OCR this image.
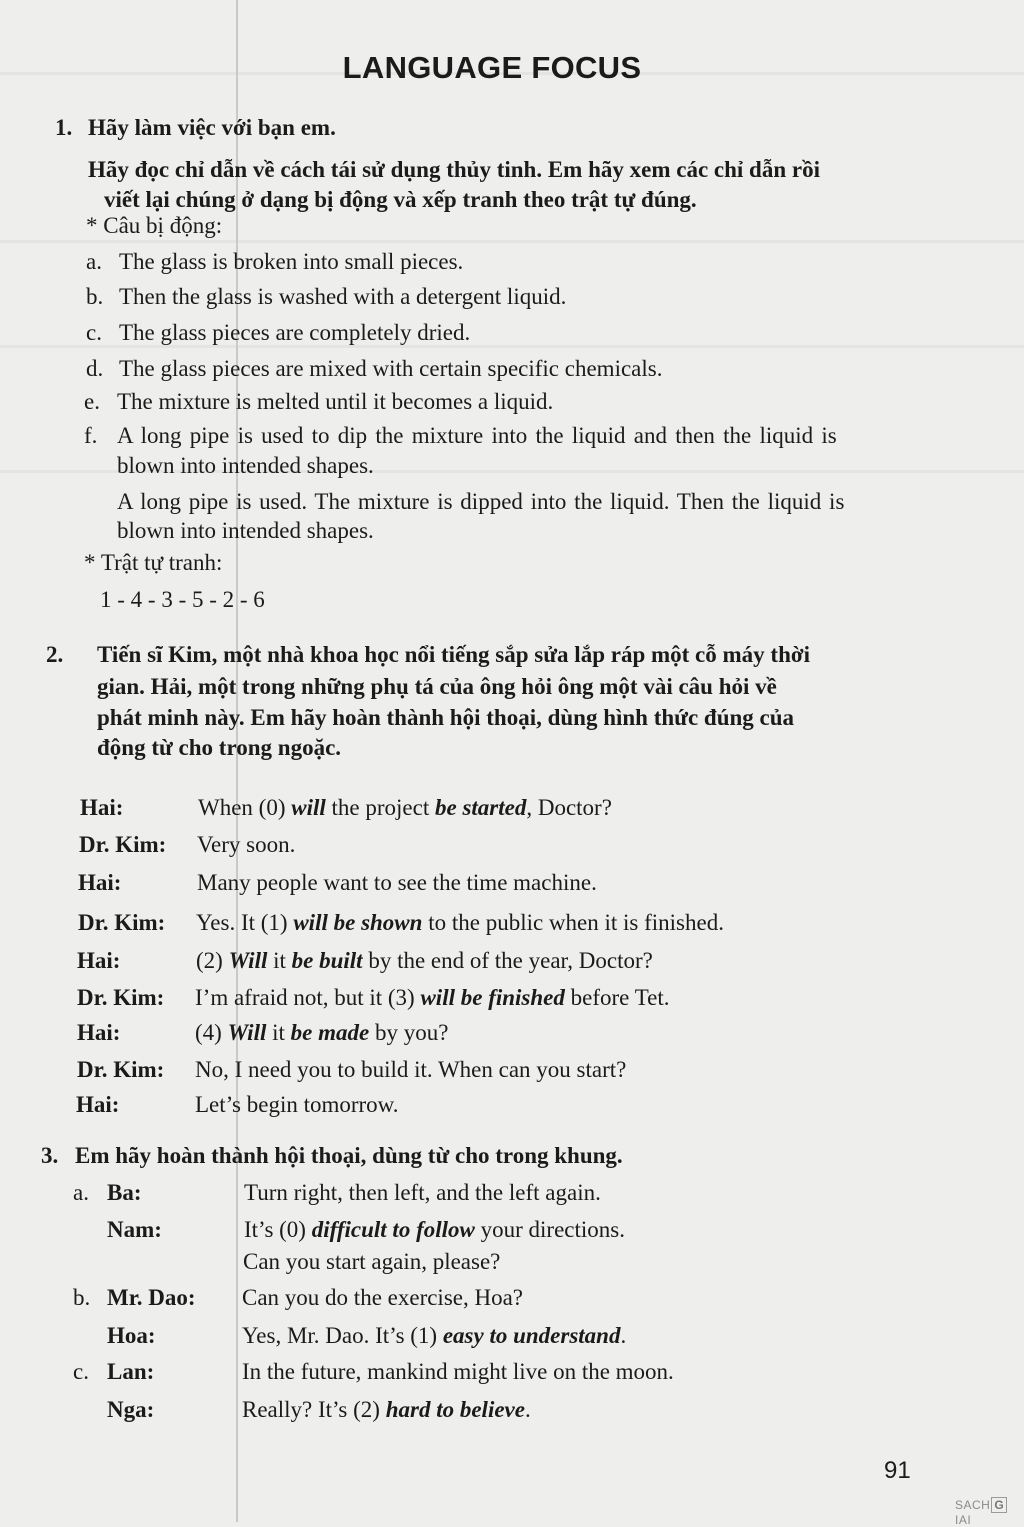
LANGUAGE FOCUS
1. Hãy làm việc với bạn em.
Hãy đọc chỉ dẫn về cách tái sử dụng thủy tinh. Em hãy xem các chỉ dẫn rồi
viết lại chúng ở dạng bị động và xếp tranh theo trật tự đúng.
* Câu bị động:
a. The glass is broken into small pieces.
b. Then the glass is washed with a detergent liquid.
c. The glass pieces are completely dried.
d. The glass pieces are mixed with certain specific chemicals.
e. The mixture is melted until it becomes a liquid.
f. A long pipe is used to dip the mixture into the liquid and then the liquid is
blown into intended shapes.
A long pipe is used. The mixture is dipped into the liquid. Then the liquid is
blown into intended shapes.
* Trật tự tranh:
1 - 4 - 3 - 5 - 2 - 6
2. Tiến sĩ Kim, một nhà khoa học nổi tiếng sắp sửa lắp ráp một cỗ máy thời
gian. Hải, một trong những phụ tá của ông hỏi ông một vài câu hỏi về
phát minh này. Em hãy hoàn thành hội thoại, dùng hình thức đúng của
động từ cho trong ngoặc.
Hai:	When (0) will the project be started, Doctor?
Dr. Kim: Very soon.
Hai:	Many people want to see the time machine.
Dr. Kim: Yes. It (1) will be shown to the public when it is finished.
Hai:	(2) Will it be built by the end of the year, Doctor?
Dr. Kim: I’m afraid not, but it (3) will be finished before Tet.
Hai:	(4) Will it be made by you?
Dr. Kim: No, I need you to build it. When can you start?
Hai:	Let’s begin tomorrow.
3. Em hãy hoàn thành hội thoại, dùng từ cho trong khung.
a. Ba:	Turn right, then left, and the left again.
Nam:	It’s (0) difficult to follow your directions.
Can you start again, please?
b. Mr. Dao: Can you do the exercise, Hoa?
Hoa:	Yes, Mr. Dao. It’s (1) easy to understand.
c. Lan:	In the future, mankind might live on the moon.
Nga:	Really? It’s (2) hard to believe.
91
SACH GIAI
